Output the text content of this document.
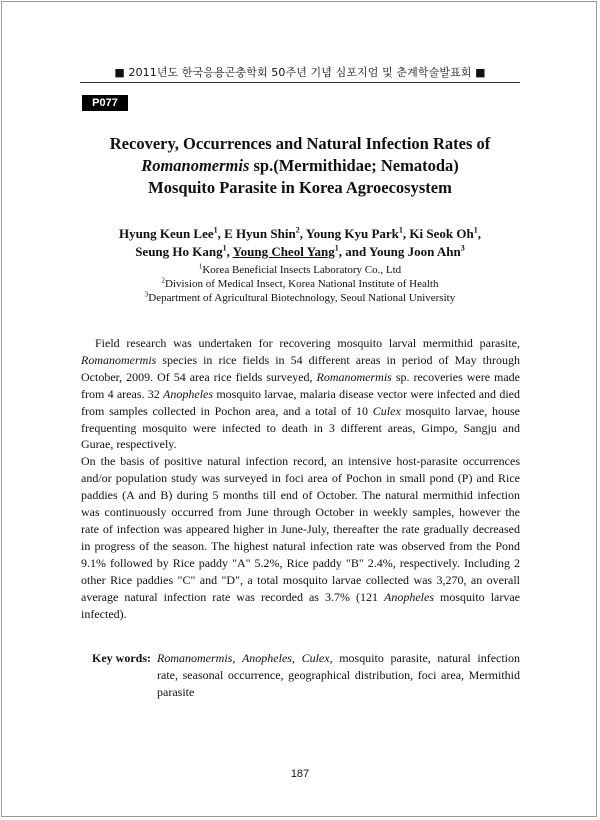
■ 2011년도 한국응용곤충학회 50주년 기념 심포지엄 및 춘계학술발표회 ■
P077
Recovery, Occurrences and Natural Infection Rates of
Romanomermis sp.(Mermithidae; Nematoda)
Mosquito Parasite in Korea Agroecosystem
Hyung Keun Lee$^1$, E Hyun Shin$^2$, Young Kyu Park$^1$, Ki Seok Oh$^1$,
Seung Ho Kang$^1$, Young Cheol Yang$^1$, and Young Joon Ahn$^3$
$^1$Korea Beneficial Insects Laboratory Co., Ltd
$^2$Division of Medical Insect, Korea National Institute of Health
$^3$Department of Agricultural Biotechnology, Seoul National University
Field research was undertaken for recovering mosquito larval mermithid parasite, Romanomermis species in rice fields in 54 different areas in period of May through October, 2009. Of 54 area rice fields surveyed, Romanomermis sp. recoveries were made from 4 areas. 32 Anopheles mosquito larvae, malaria disease vector were infected and died from samples collected in Pochon area, and a total of 10 Culex mosquito larvae, house frequenting mosquito were infected to death in 3 different areas, Gimpo, Sangju and Gurae, respectively.
On the basis of positive natural infection record, an intensive host-parasite occurrences and/or population study was surveyed in foci area of Pochon in small pond (P) and Rice paddies (A and B) during 5 months till end of October. The natural mermithid infection was continuously occurred from June through October in weekly samples, however the rate of infection was appeared higher in June-July, thereafter the rate gradually decreased in progress of the season. The highest natural infection rate was observed from the Pond 9.1% followed by Rice paddy "A" 5.2%, Rice paddy "B" 2.4%, respectively. Including 2 other Rice paddies "C" and "D", a total mosquito larvae collected was 3,270, an overall average natural infection rate was recorded as 3.7% (121 Anopheles mosquito larvae infected).
Key words: Romanomermis, Anopheles, Culex, mosquito parasite, natural infection rate, seasonal occurrence, geographical distribution, foci area, Mermithid parasite
187
